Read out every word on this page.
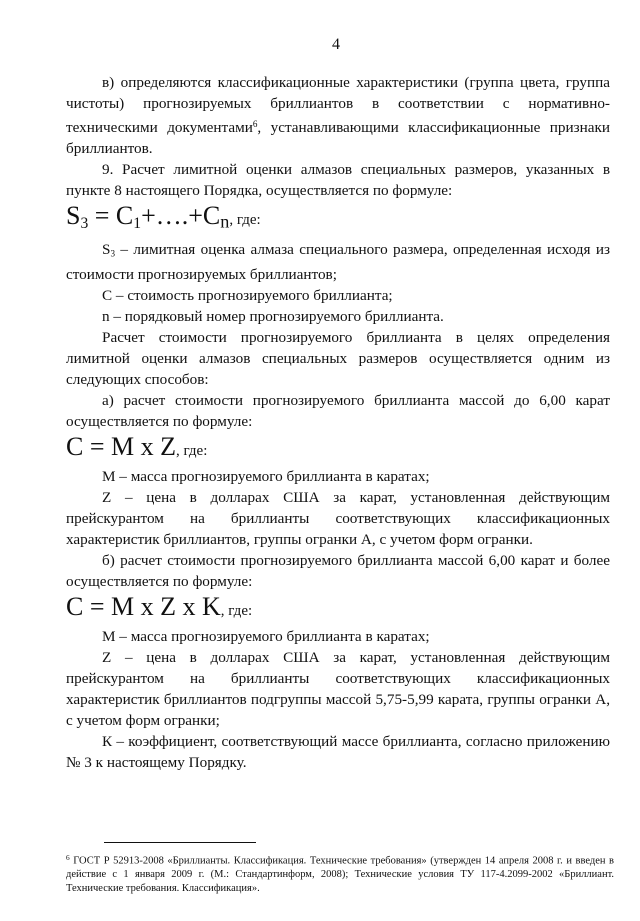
4

в) определяются классификационные характеристики (группа цвета, группа чистоты) прогнозируемых бриллиантов в соответствии с нормативно-техническими документами$^6$, устанавливающими классификационные признаки бриллиантов.

9. Расчет лимитной оценки алмазов специальных размеров, указанных в пункте 8 настоящего Порядка, осуществляется по формуле:

$S_3$ = $C_1+\dots.+Cn$, где:

$S_3$ – лимитная оценка алмаза специального размера, определенная исходя из стоимости прогнозируемых бриллиантов;

С – стоимость прогнозируемого бриллианта;

n – порядковый номер прогнозируемого бриллианта.

Расчет стоимости прогнозируемого бриллианта в целях определения лимитной оценки алмазов специальных размеров осуществляется одним из следующих способов:

а) расчет стоимости прогнозируемого бриллианта массой до 6,00 карат осуществляется по формуле:

C = M x Z, где:

М – масса прогнозируемого бриллианта в каратах;

Z – цена в долларах США за карат, установленная действующим прейскурантом на бриллианты соответствующих классификационных характеристик бриллиантов, группы огранки А, с учетом форм огранки.

б) расчет стоимости прогнозируемого бриллианта массой 6,00 карат и более осуществляется по формуле:

C = M x Z x K, где:

М – масса прогнозируемого бриллианта в каратах;

Z – цена в долларах США за карат, установленная действующим прейскурантом на бриллианты соответствующих классификационных характеристик бриллиантов подгруппы массой 5,75-5,99 карата, группы огранки А, с учетом форм огранки;

К – коэффициент, соответствующий массе бриллианта, согласно приложению № 3 к настоящему Порядку.

$^6$ ГОСТ Р 52913-2008 «Бриллианты. Классификация. Технические требования» (утвержден 14 апреля 2008 г. и введен в действие с 1 января 2009 г. (М.: Стандартинформ, 2008); Технические условия ТУ 117-4.2099-2002 «Бриллиант. Технические требования. Классификация».
